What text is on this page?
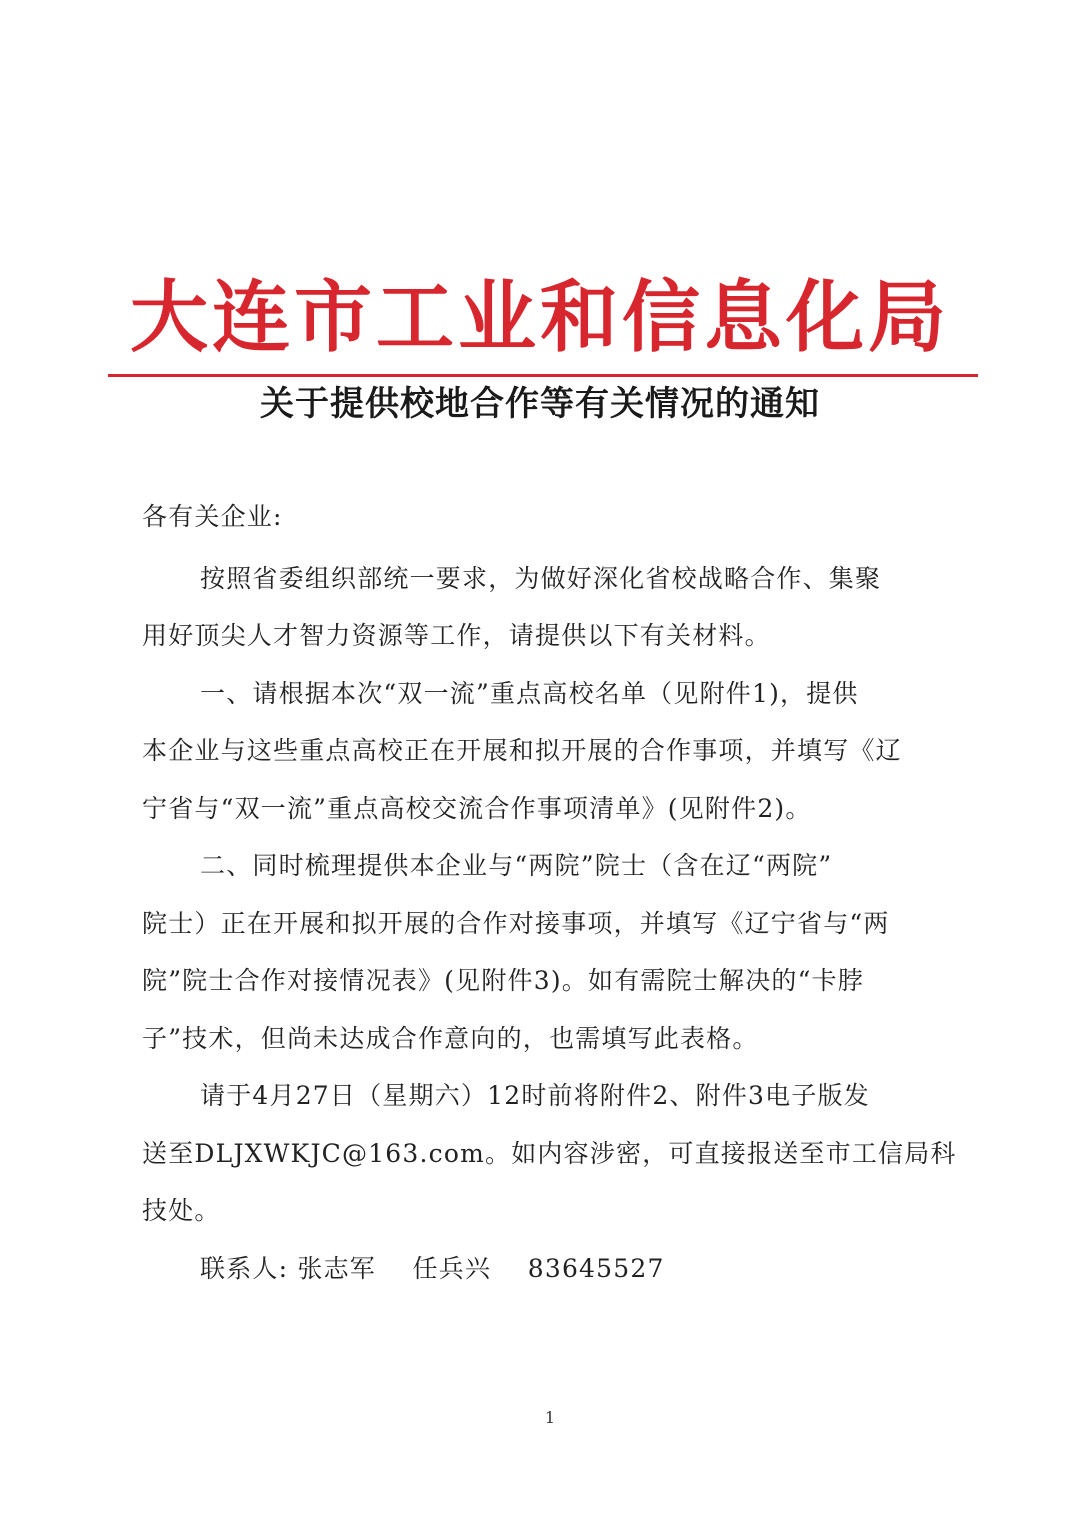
大连市工业和信息化局
关于提供校地合作等有关情况的通知
各有关企业:
按照省委组织部统一要求，为做好深化省校战略合作、集聚
用好顶尖人才智力资源等工作，请提供以下有关材料。
一、请根据本次“双一流”重点高校名单（见附件1)，提供
本企业与这些重点高校正在开展和拟开展的合作事项，并填写《辽
宁省与“双一流”重点高校交流合作事项清单》(见附件2)。
二、同时梳理提供本企业与“两院”院士（含在辽“两院”
院士）正在开展和拟开展的合作对接事项，并填写《辽宁省与“两
院”院士合作对接情况表》(见附件3)。如有需院士解决的“卡脖
子”技术，但尚未达成合作意向的，也需填写此表格。
请于4月27日（星期六）12时前将附件2、附件3电子版发
送至DLJXWKJC@163.com。如内容涉密，可直接报送至市工信局科
技处。
联系人: 张志军    任兵兴    83645527
1
